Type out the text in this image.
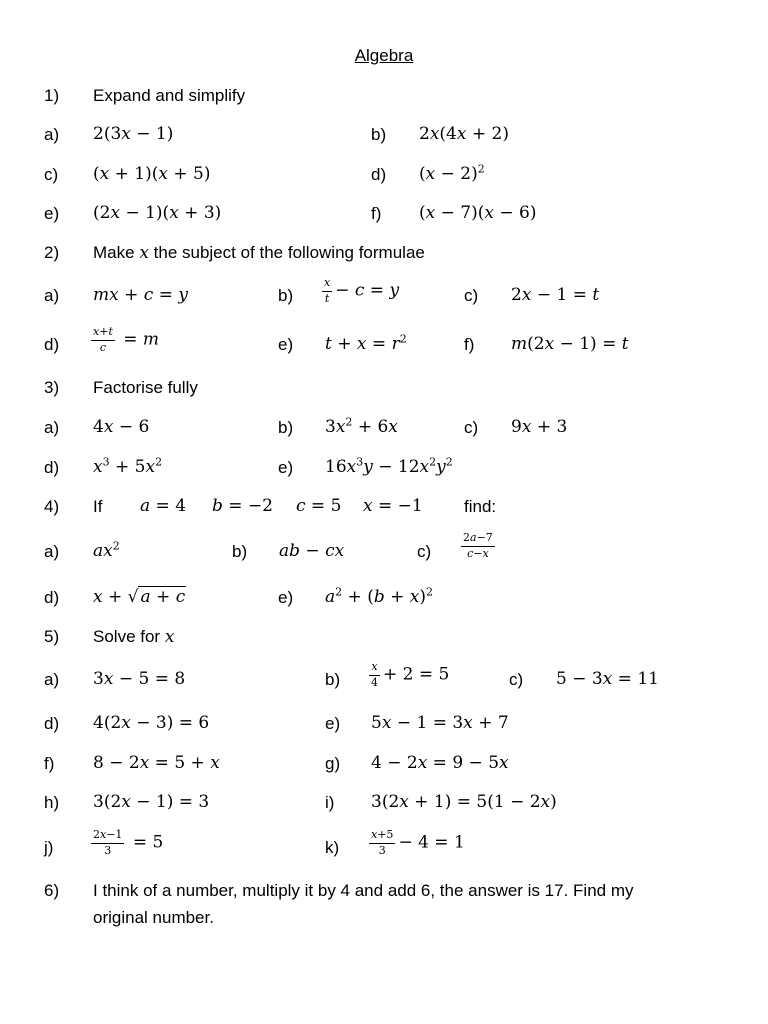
Algebra
1) Expand and simplify
a) 2(3x − 1)	b) 2x(4x + 2)
c) (x + 1)(x + 5)	d) $(x - 2)^2$
e) (2x − 1)(x + 3)	f) (x − 7)(x − 6)
2) Make x the subject of the following formulae
a) mx + c = y	b)	$\frac{x}{t} - c = y$	c) 2x − 1 = t
d)	$\frac{x+t}{c} = m$	e) $t + x = r^2$	f) m(2x − 1) = t
3) Factorise fully
a) 4x − 6	b) $3x^2 + 6x$	c) 9x + 3
d) $x^3 + 5x^2$	e) $16x^3y - 12x^2y^2$
4) If a = 4 b = −2 c = 5 x = −1 find:
a) $ax^2$	b) ab − cx	c)	$\frac{2a-7}{c-x}$
d) x + √ a + c	e) $a^2 + (b + x)^2$
5) Solve for x
a) 3x − 5 = 8	b)	$\frac{x}{4} + 2 = 5$	c) 5 − 3x = 11
d) 4(2x − 3) = 6	e) 5x − 1 = 3x + 7
f) 8 − 2x = 5 + x	g) 4 − 2x = 9 − 5x
h) 3(2x − 1) = 3	i) 3(2x + 1) = 5(1 − 2x)
j)	$\frac{2x-1}{3} = 5$	k)	$\frac{x+5}{3} - 4 = 1$
6) I think of a number, multiply it by 4 and add 6, the answer is 17. Find my
original number.
